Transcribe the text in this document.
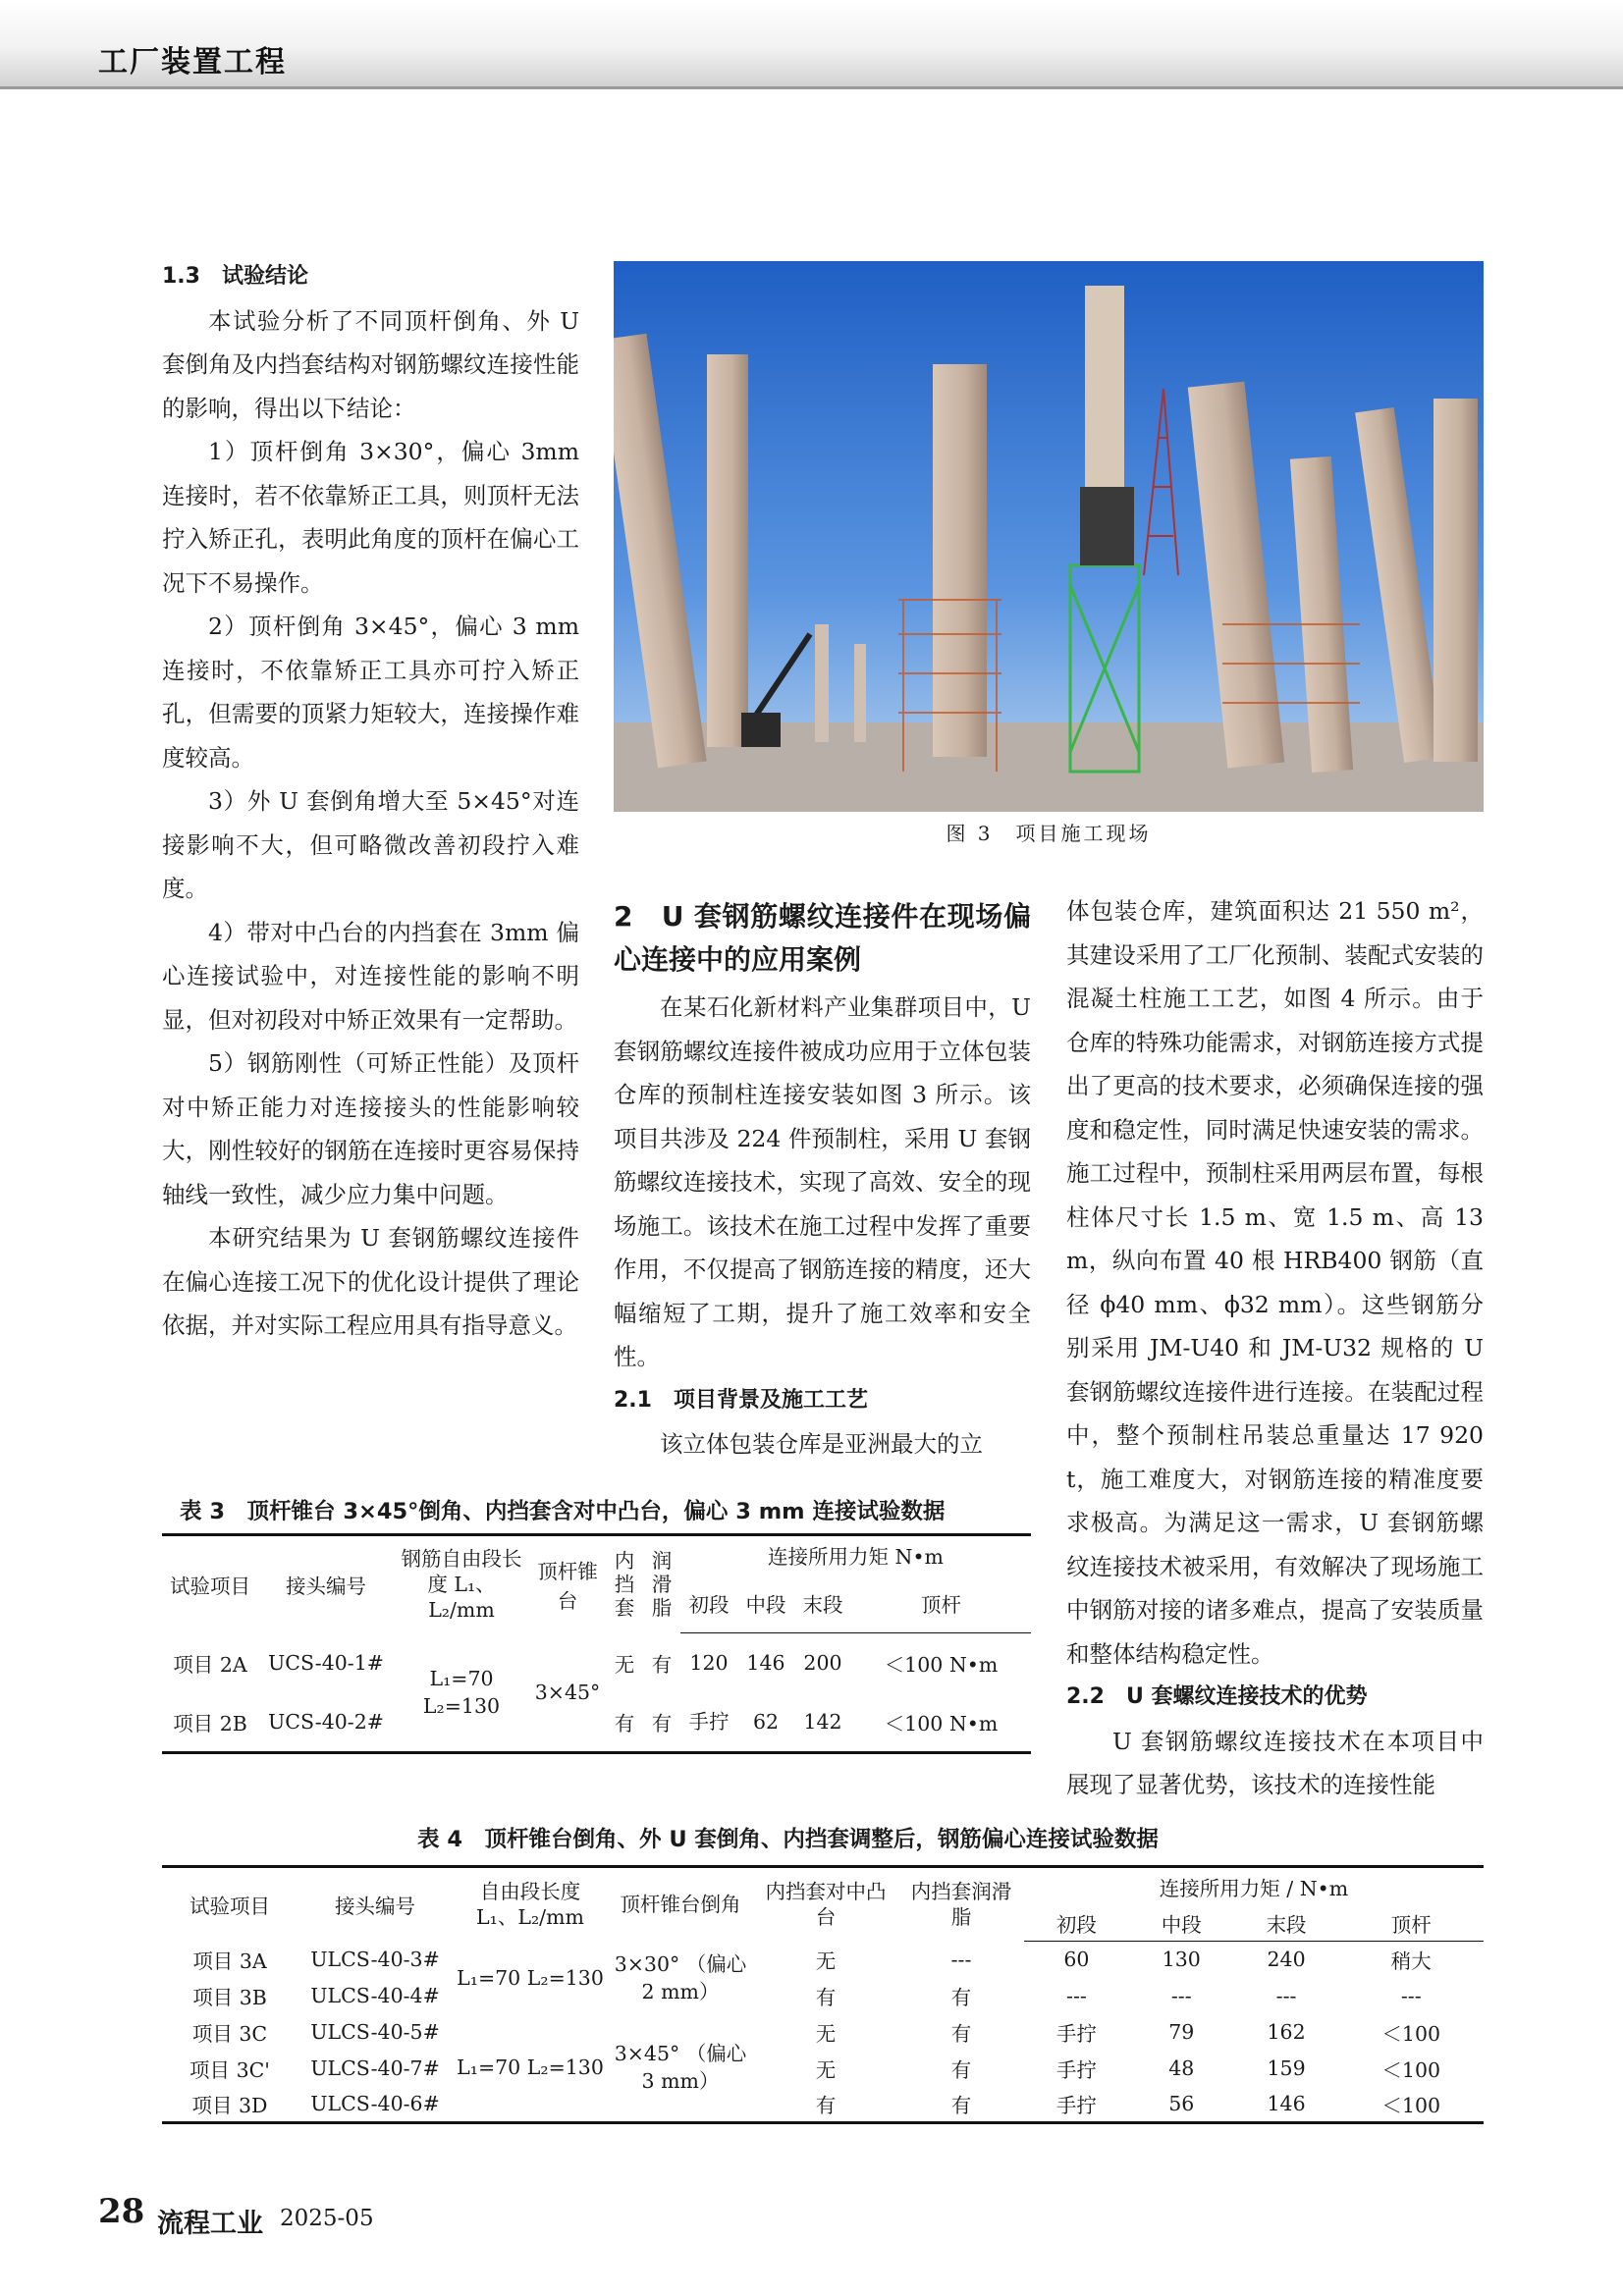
工厂装置工程

1.3　试验结论

本试验分析了不同顶杆倒角、外 U 套倒角及内挡套结构对钢筋螺纹连接性能的影响，得出以下结论：

1）顶杆倒角 3×30°，偏心 3mm 连接时，若不依靠矫正工具，则顶杆无法拧入矫正孔，表明此角度的顶杆在偏心工况下不易操作。

2）顶杆倒角 3×45°，偏心 3 mm 连接时，不依靠矫正工具亦可拧入矫正孔，但需要的顶紧力矩较大，连接操作难度较高。

3）外 U 套倒角增大至 5×45°对连接影响不大，但可略微改善初段拧入难度。

4）带对中凸台的内挡套在 3mm 偏心连接试验中，对连接性能的影响不明显，但对初段对中矫正效果有一定帮助。

5）钢筋刚性（可矫正性能）及顶杆对中矫正能力对连接接头的性能影响较大，刚性较好的钢筋在连接时更容易保持轴线一致性，减少应力集中问题。

本研究结果为 U 套钢筋螺纹连接件在偏心连接工况下的优化设计提供了理论依据，并对实际工程应用具有指导意义。

图 3　项目施工现场

2　U 套钢筋螺纹连接件在现场偏心连接中的应用案例

在某石化新材料产业集群项目中，U 套钢筋螺纹连接件被成功应用于立体包装仓库的预制柱连接安装如图 3 所示。该项目共涉及 224 件预制柱，采用 U 套钢筋螺纹连接技术，实现了高效、安全的现场施工。该技术在施工过程中发挥了重要作用，不仅提高了钢筋连接的精度，还大幅缩短了工期，提升了施工效率和安全性。

2.1　项目背景及施工工艺

该立体包装仓库是亚洲最大的立

体包装仓库，建筑面积达 21 550 m²，其建设采用了工厂化预制、装配式安装的混凝土柱施工工艺，如图 4 所示。由于仓库的特殊功能需求，对钢筋连接方式提出了更高的技术要求，必须确保连接的强度和稳定性，同时满足快速安装的需求。施工过程中，预制柱采用两层布置，每根柱体尺寸长 1.5 m、宽 1.5 m、高 13 m，纵向布置 40 根 HRB400 钢筋（直径 ϕ40 mm、ϕ32 mm）。这些钢筋分别采用 JM-U40 和 JM-U32 规格的 U 套钢筋螺纹连接件进行连接。在装配过程中，整个预制柱吊装总重量达 17 920 t，施工难度大，对钢筋连接的精准度要求极高。为满足这一需求，U 套钢筋螺纹连接技术被采用，有效解决了现场施工中钢筋对接的诸多难点，提高了安装质量和整体结构稳定性。

2.2　U 套螺纹连接技术的优势

U 套钢筋螺纹连接技术在本项目中展现了显著优势，该技术的连接性能

表 3　顶杆锥台 3×45°倒角、内挡套含对中凸台，偏心 3 mm 连接试验数据
试验项目	接头编号	钢筋自由段长度 L₁、L₂/mm	顶杆锥台	内挡套	润滑脂	连接所用力矩 N•m			
						初段	中段	末段	顶杆
项目 2A	UCS-40-1#	L₁=70 L₂=130	3×45°	无	有	120	146	200	＜100 N•m
项目 2B	UCS-40-2#			有	有	手拧	62	142	＜100 N•m
表 4　顶杆锥台倒角、外 U 套倒角、内挡套调整后，钢筋偏心连接试验数据
试验项目	接头编号	自由段长度 L₁、L₂/mm	顶杆锥台倒角	内挡套对中凸台	内挡套润滑脂	连接所用力矩 / N•m			
						初段	中段	末段	顶杆
项目 3A	ULCS-40-3#	L₁=70 L₂=130	3×30° （偏心 2 mm）	无	---	60	130	240	稍大
项目 3B	ULCS-40-4#			有	有	---	---	---	---
项目 3C	ULCS-40-5#	L₁=70 L₂=130	3×45° （偏心 3 mm）	无	有	手拧	79	162	＜100
项目 3C'	ULCS-40-7#			无	有	手拧	48	159	＜100
项目 3D	ULCS-40-6#			有	有	手拧	56	146	＜100
28 流程工业 2025-05
